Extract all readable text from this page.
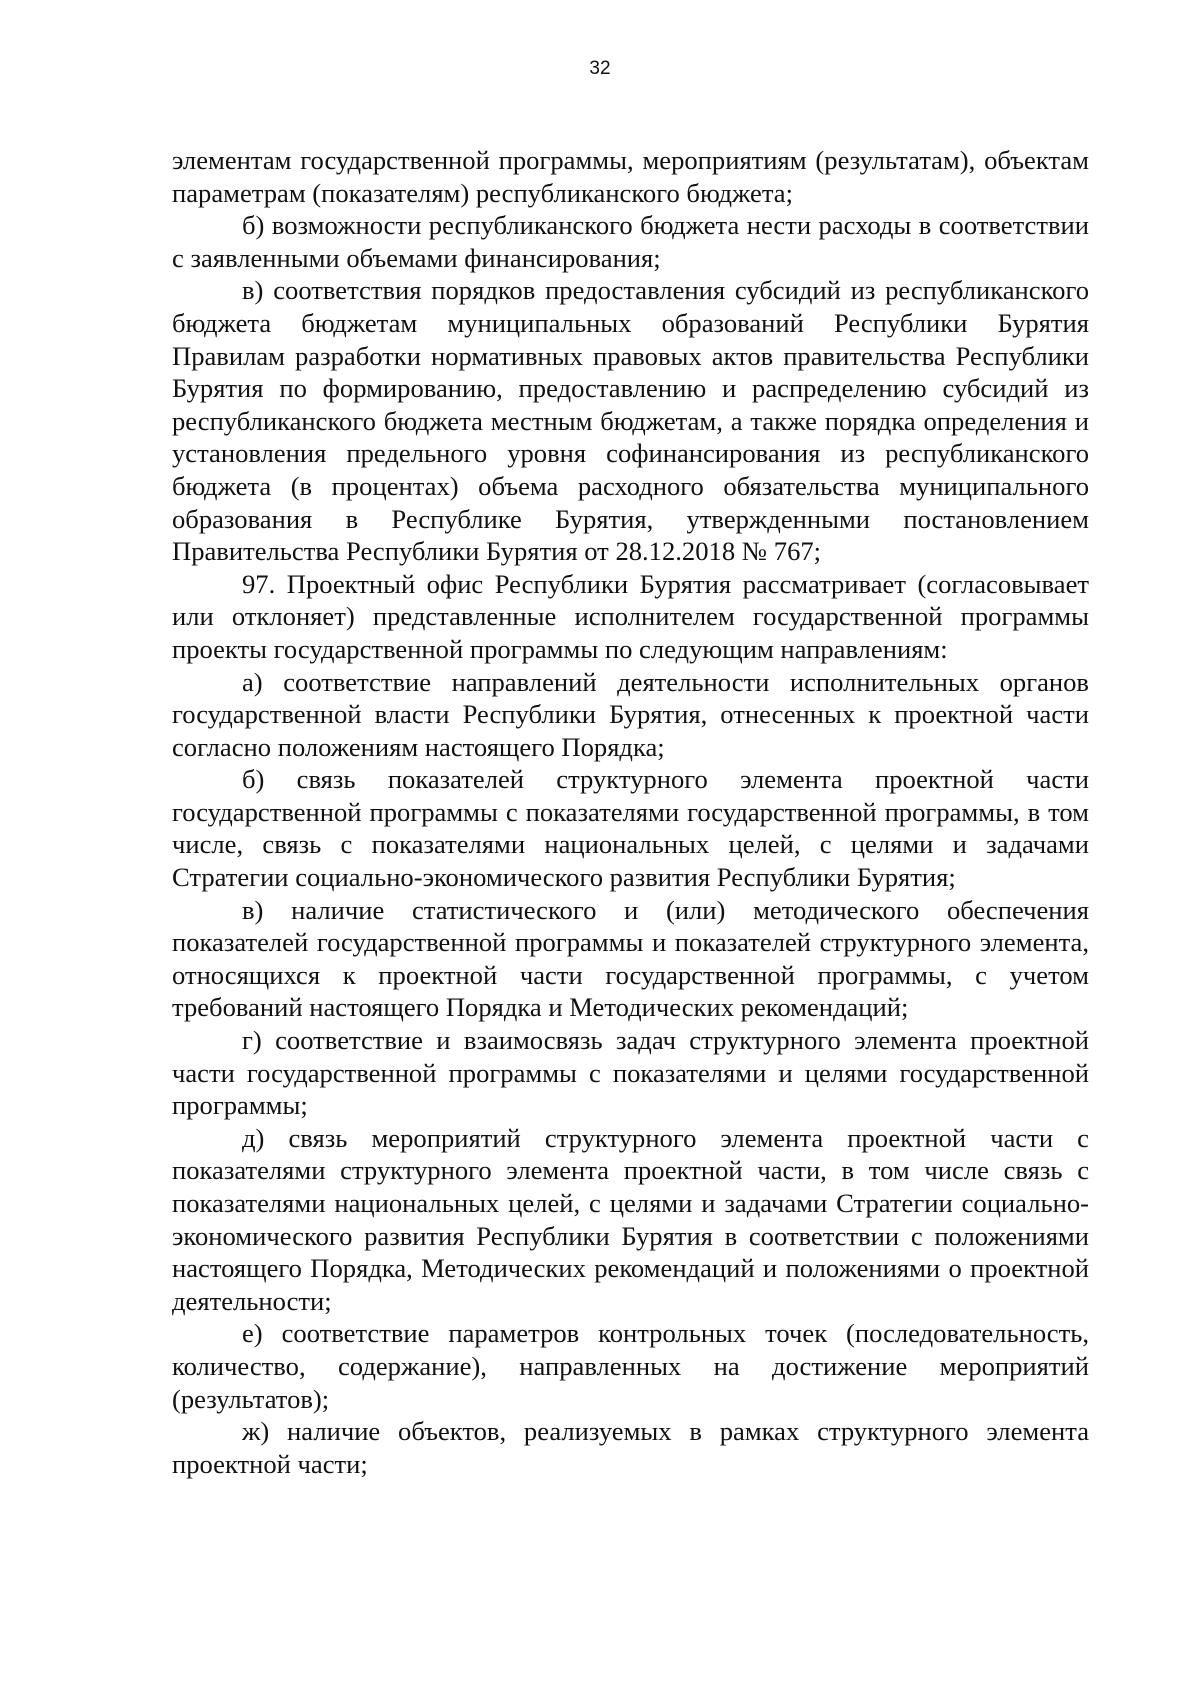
32

элементам государственной программы, мероприятиям (результатам), объектам параметрам (показателям) республиканского бюджета;

б) возможности республиканского бюджета нести расходы в соответствии с заявленными объемами финансирования;

в) соответствия порядков предоставления субсидий из республиканского бюджета бюджетам муниципальных образований Республики Бурятия Правилам разработки нормативных правовых актов правительства Республики Бурятия по формированию, предоставлению и распределению субсидий из республиканского бюджета местным бюджетам, а также порядка определения и установления предельного уровня софинансирования из республиканского бюджета (в процентах) объема расходного обязательства муниципального образования в Республике Бурятия, утвержденными постановлением Правительства Республики Бурятия от 28.12.2018 № 767;

97. Проектный офис Республики Бурятия рассматривает (согласовывает или отклоняет) представленные исполнителем государственной программы проекты государственной программы по следующим направлениям:

а) соответствие направлений деятельности исполнительных органов государственной власти Республики Бурятия, отнесенных к проектной части согласно положениям настоящего Порядка;

б) связь показателей структурного элемента проектной части государственной программы с показателями государственной программы, в том числе, связь с показателями национальных целей, с целями и задачами Стратегии социально-экономического развития Республики Бурятия;

в) наличие статистического и (или) методического обеспечения показателей государственной программы и показателей структурного элемента, относящихся к проектной части государственной программы, с учетом требований настоящего Порядка и Методических рекомендаций;

г) соответствие и взаимосвязь задач структурного элемента проектной части государственной программы с показателями и целями государственной программы;

д) связь мероприятий структурного элемента проектной части с показателями структурного элемента проектной части, в том числе связь с показателями национальных целей, с целями и задачами Стратегии социально-экономического развития Республики Бурятия в соответствии с положениями настоящего Порядка, Методических рекомендаций и положениями о проектной деятельности;

е) соответствие параметров контрольных точек (последовательность, количество, содержание), направленных на достижение мероприятий (результатов);

ж) наличие объектов, реализуемых в рамках структурного элемента проектной части;
